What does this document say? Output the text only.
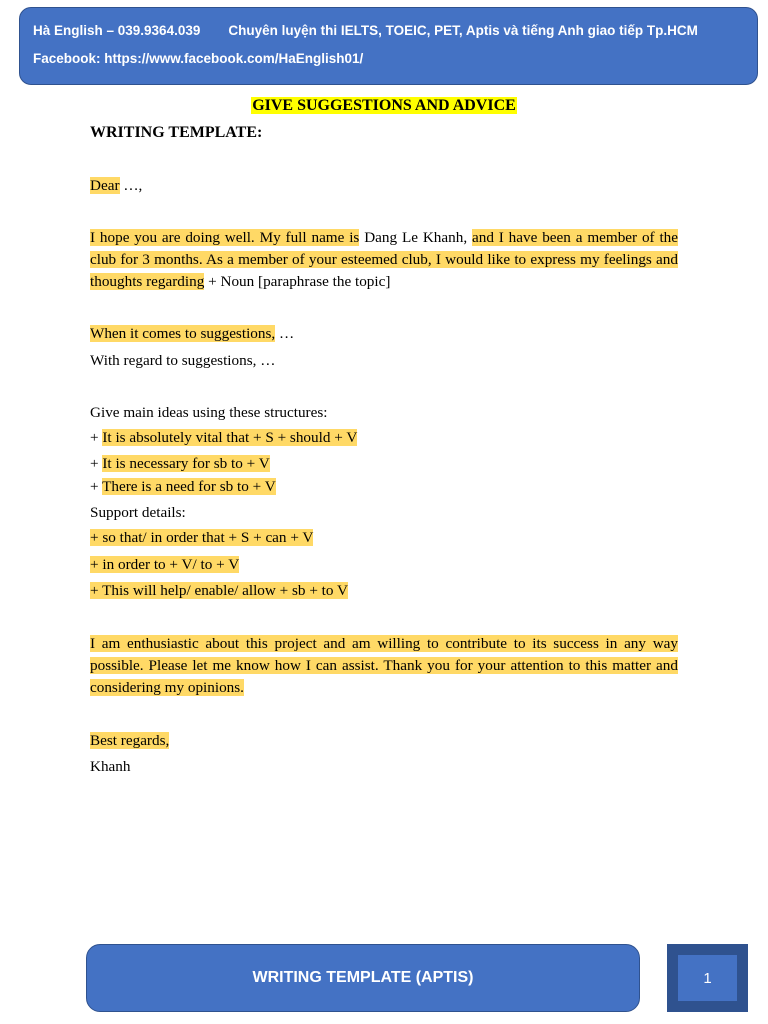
Hà English – 039.9364.039 Chuyên luyện thi IELTS, TOEIC, PET, Aptis và tiếng Anh giao tiếp Tp.HCM
Facebook: https://www.facebook.com/HaEnglish01/
GIVE SUGGESTIONS AND ADVICE
WRITING TEMPLATE:
Dear …,
I hope you are doing well. My full name is Dang Le Khanh, and I have been a member of the club for 3 months. As a member of your esteemed club, I would like to express my feelings and thoughts regarding + Noun [paraphrase the topic]
When it comes to suggestions, …
With regard to suggestions, …
Give main ideas using these structures:
+ It is absolutely vital that + S + should + V
+ It is necessary for sb to + V
+ There is a need for sb to + V
Support details:
+ so that/ in order that + S + can + V
+ in order to + V/ to + V
+ This will help/ enable/ allow + sb + to V
I am enthusiastic about this project and am willing to contribute to its success in any way possible. Please let me know how I can assist. Thank you for your attention to this matter and considering my opinions.
Best regards,
Khanh
WRITING TEMPLATE (APTIS)	1
